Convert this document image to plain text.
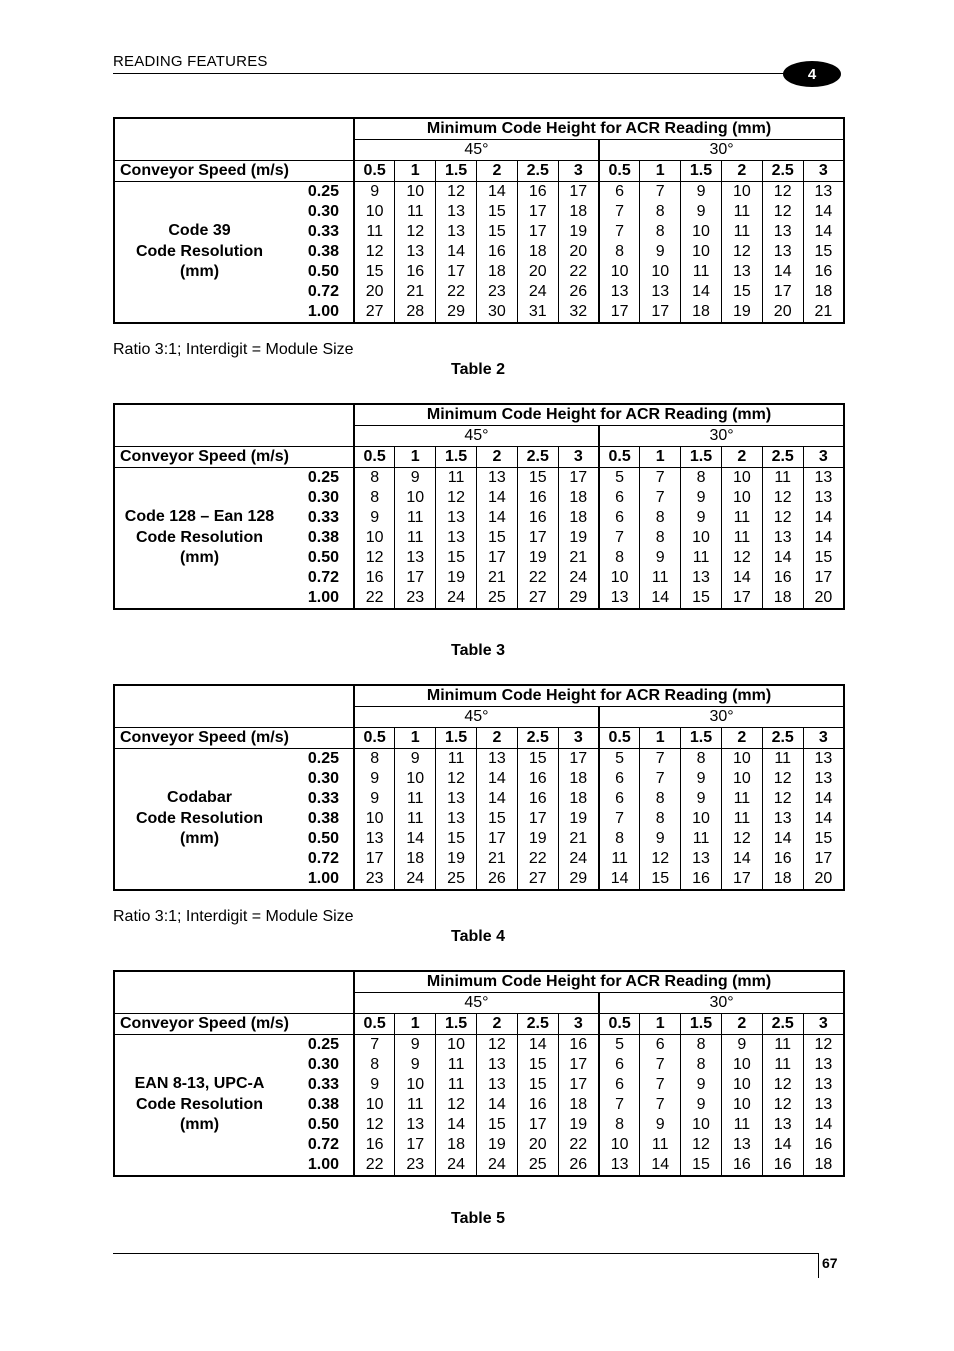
READING FEATURES
4
		Minimum Code Height for ACR Reading (mm)											
		45°						30°					
Conveyor Speed (m/s)		0.5	1	1.5	2	2.5	3	0.5	1	1.5	2	2.5	3

Code 39
Code Resolution
(mm)	0.25	9	10	12	14	16	17	6	7	9	10	12	13
	0.30	10	11	13	15	17	18	7	8	9	11	12	14
	0.33	11	12	13	15	17	19	7	8	10	11	13	14
	0.38	12	13	14	16	18	20	8	9	10	12	13	15
	0.50	15	16	17	18	20	22	10	10	11	13	14	16
	0.72	20	21	22	23	24	26	13	13	14	15	17	18
	1.00	27	28	29	30	31	32	17	17	18	19	20	21
Ratio 3:1; Interdigit = Module Size
Table 2
		Minimum Code Height for ACR Reading (mm)											
		45°						30°					
Conveyor Speed (m/s)		0.5	1	1.5	2	2.5	3	0.5	1	1.5	2	2.5	3

Code 128 – Ean 128
Code Resolution
(mm)	0.25	8	9	11	13	15	17	5	7	8	10	11	13
	0.30	8	10	12	14	16	18	6	7	9	10	12	13
	0.33	9	11	13	14	16	18	6	8	9	11	12	14
	0.38	10	11	13	15	17	19	7	8	10	11	13	14
	0.50	12	13	15	17	19	21	8	9	11	12	14	15
	0.72	16	17	19	21	22	24	10	11	13	14	16	17
	1.00	22	23	24	25	27	29	13	14	15	17	18	20
Table 3
		Minimum Code Height for ACR Reading (mm)											
		45°						30°					
Conveyor Speed (m/s)		0.5	1	1.5	2	2.5	3	0.5	1	1.5	2	2.5	3

Codabar
Code Resolution
(mm)	0.25	8	9	11	13	15	17	5	7	8	10	11	13
	0.30	9	10	12	14	16	18	6	7	9	10	12	13
	0.33	9	11	13	14	16	18	6	8	9	11	12	14
	0.38	10	11	13	15	17	19	7	8	10	11	13	14
	0.50	13	14	15	17	19	21	8	9	11	12	14	15
	0.72	17	18	19	21	22	24	11	12	13	14	16	17
	1.00	23	24	25	26	27	29	14	15	16	17	18	20
Ratio 3:1; Interdigit = Module Size
Table 4
		Minimum Code Height for ACR Reading (mm)											
		45°						30°					
Conveyor Speed (m/s)		0.5	1	1.5	2	2.5	3	0.5	1	1.5	2	2.5	3

EAN 8-13, UPC-A
Code Resolution
(mm)	0.25	7	9	10	12	14	16	5	6	8	9	11	12
	0.30	8	9	11	13	15	17	6	7	8	10	11	13
	0.33	9	10	11	13	15	17	6	7	9	10	12	13
	0.38	10	11	12	14	16	18	7	7	9	10	12	13
	0.50	12	13	14	15	17	19	8	9	10	11	13	14
	0.72	16	17	18	19	20	22	10	11	12	13	14	16
	1.00	22	23	24	24	25	26	13	14	15	16	16	18
Table 5
67
